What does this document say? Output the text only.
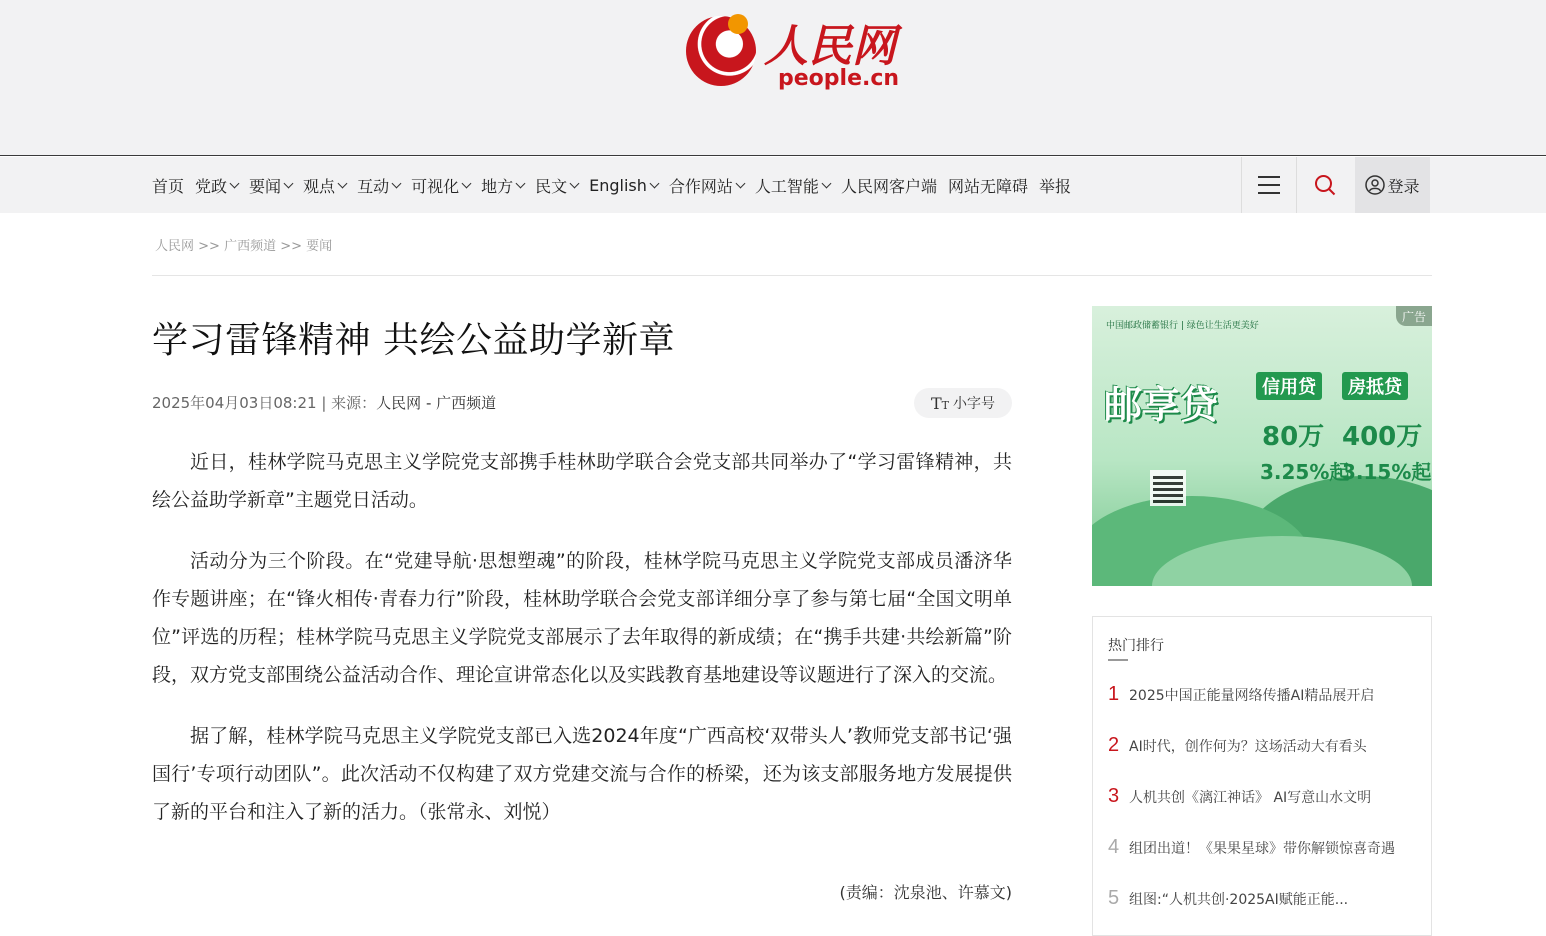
人民网
people.cn
首页 党政 要闻 观点 互动 可视化 地方 民文 English 合作网站 人工智能 人民网客户端 网站无障碍 举报	登录
人民网 >> 广西频道 >> 要闻
学习雷锋精神 共绘公益助学新章
2025年04月03日08:21 | 来源：人民网 - 广西频道	TT 小字号

近日，桂林学院马克思主义学院党支部携手桂林助学联合会党支部共同举办了“学习雷锋精神，共绘公益助学新章”主题党日活动。

活动分为三个阶段。在“党建导航·思想塑魂”的阶段，桂林学院马克思主义学院党支部成员潘济华作专题讲座；在“锋火相传·青春力行”阶段，桂林助学联合会党支部详细分享了参与第七届“全国文明单位”评选的历程；桂林学院马克思主义学院党支部展示了去年取得的新成绩；在“携手共建·共绘新篇”阶段，双方党支部围绕公益活动合作、理论宣讲常态化以及实践教育基地建设等议题进行了深入的交流。

据了解，桂林学院马克思主义学院党支部已入选2024年度“广西高校‘双带头人’教师党支部书记‘强国行’专项行动团队”。此次活动不仅构建了双方党建交流与合作的桥梁，还为该支部服务地方发展提供了新的平台和注入了新的活力。（张常永、刘悦）

(责编：沈泉池、许慕文)
中国邮政储蓄银行 | 绿色让生活更美好
邮享贷	信用贷	房抵贷
80万 400万
3.25%起
3.15%起
广告
热门排行
1 2025中国正能量网络传播AI精品展开启
2 AI时代，创作何为？这场活动大有看头
3 人机共创《漓江神话》 AI写意山水文明
4 组团出道！《果果星球》带你解锁惊喜奇遇
5 组图:“人机共创·2025AI赋能正能...
